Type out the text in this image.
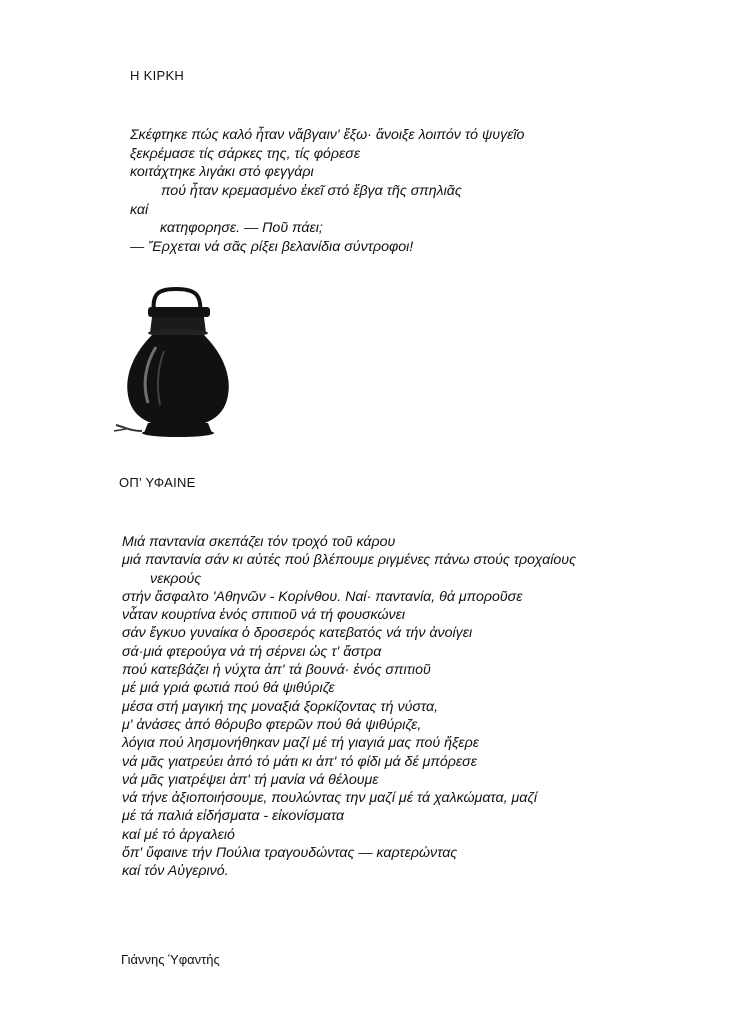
Η ΚΙΡΚΗ
Σκέφτηκε πώς καλό ἦταν νἄβγαιν' ἔξω· ἄνοιξε λοιπόν τό ψυγεῖο
ξεκρέμασε τίς σάρκες της, τίς φόρεσε
κοιτάχτηκε λιγάκι στό φεγγάρι
πού ἦταν κρεμασμένο ἐκεῖ στό ἔβγα τῆς σπηλιᾶς
καί
κατηφορησε. — Ποῦ πάει;
— Ἔρχεται νά σᾶς ρίξει βελανίδια σύντροφοι!
ΟΠ' ΥΦΑΙΝΕ
Μιά παντανία σκεπάζει τόν τροχό τοῦ κάρου
μιά παντανία σάν κι αὐτές πού βλέπουμε ριγμένες πάνω στούς τροχαίους
νεκρούς
στήν ἄσφαλτο 'Αθηνῶν - Κορίνθου. Ναί· παντανία, θά μποροῦσε
νἆταν κουρτίνα ἑνός σπιτιοῦ νά τή φουσκώνει
σάν ἔγκυο γυναίκα ὁ δροσερός κατεβατός νά τήν ἀνοίγει
σά·μιά φτερούγα νά τή σέρνει ὡς τ' ἄστρα
πού κατεβάζει ἡ νύχτα ἀπ' τά βουνά· ἑνός σπιτιοῦ
μέ μιά γριά φωτιά πού θά ψιθύριζε
μέσα στή μαγική της μοναξιά ξορκίζοντας τή νύστα,
μ' ἀνάσες ἀπό θόρυβο φτερῶν πού θά ψιθύριζε,
λόγια πού λησμονήθηκαν μαζί μέ τή γιαγιά μας πού ἤξερε
νά μᾶς γιατρεύει ἀπό τό μάτι κι ἀπ' τό φίδι μά δέ μπόρεσε
νά μᾶς γιατρέψει ἀπ' τή μανία νά θέλουμε
νά τήνε ἀξιοποιήσουμε, πουλώντας την μαζί μέ τά χαλκώματα, μαζί
μέ τά παλιά εἰδήσματα - εἰκονίσματα
καί μέ τό ἀργαλειό
ὅπ' ὕφαινε τήν Πούλια τραγουδώντας — καρτερώντας
καί τόν Αὐγερινό.
Γιάννης Ὑφαντής
